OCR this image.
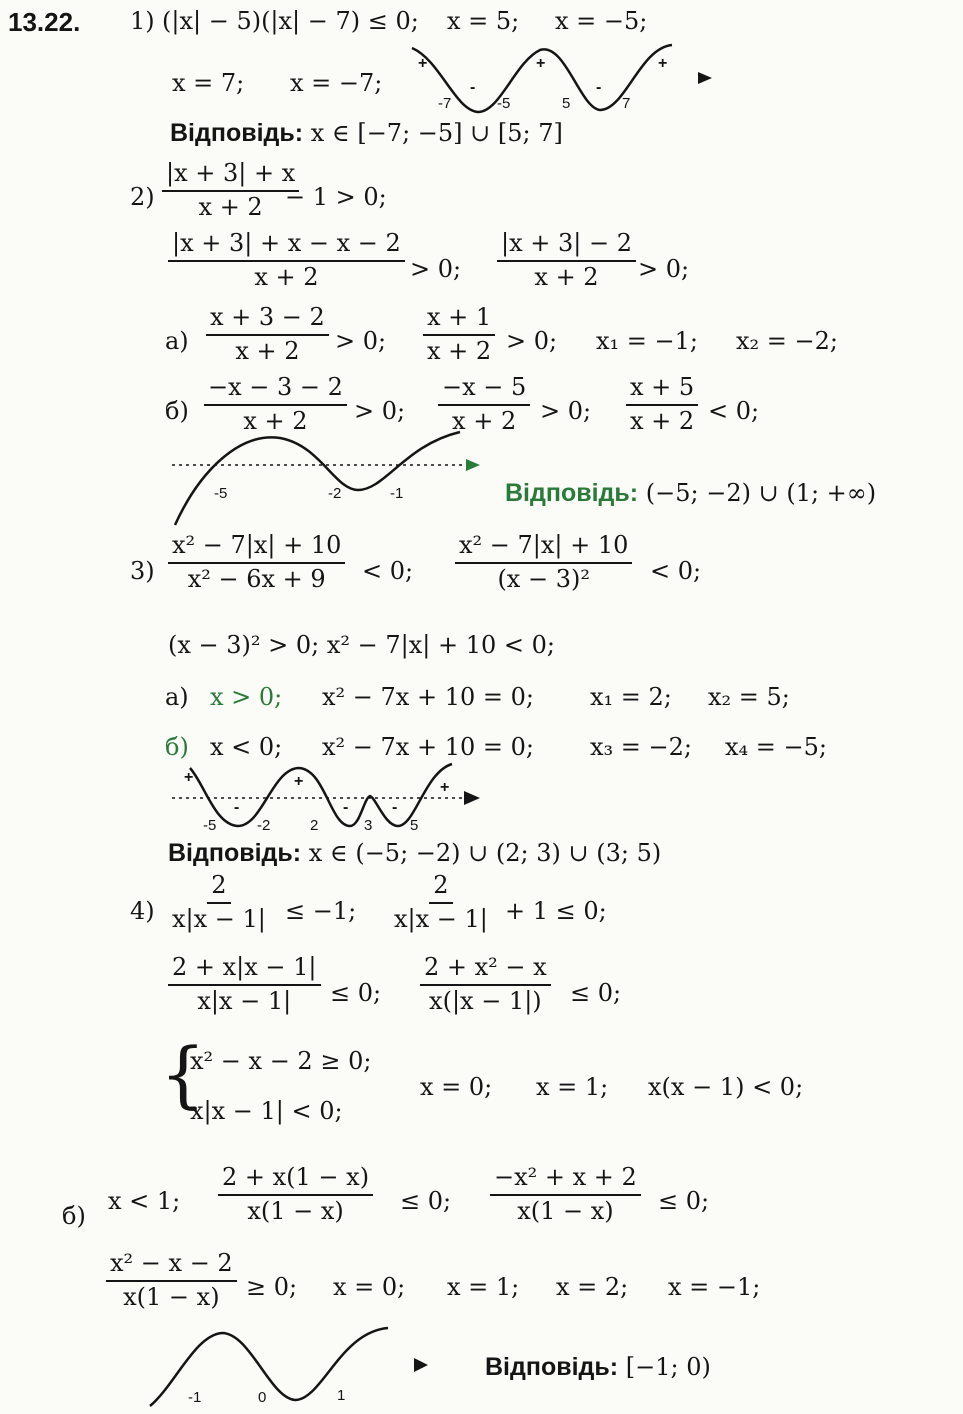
13.22. 1) (|x| − 5)(|x| − 7) ≤ 0; x = 5; x = −5;
x = 7; x = −7;
-7	-5	5	7
+
-
+
-
+
Відповідь: x ∈ [−7; −5] ∪ [5; 7]
$2) \frac{|x + 3| + x}{x + 2}$
− 1 > 0;
$\frac{|x + 3| + x - x - 2}{x + 2} > 0$; $\frac{|x + 3| - 2}{x + 2} > 0$;
$а) \frac{x + 3 - 2}{x + 2} > 0$; $\frac{x + 1}{x + 2} > 0$; x₁ = −1; x₂ = −2;
$б) \frac{-x - 3 - 2}{x + 2} > 0$; $\frac{-x - 5}{x + 2} > 0$; $\frac{x + 5}{x + 2} < 0$;
-5	-2	-1	Відповідь: (−5; −2) ∪ (1; +∞)
$3) \frac{\text{x² − 7|x| + 10}}{\text{x² − 6x + 9}} < 0$; $\frac{\text{x² − 7|x| + 10}}{\text{(x − 3)²}} < 0$;
(x − 3)² > 0; x² − 7|x| + 10 < 0;
а) x > 0; x² − 7x + 10 = 0; x₁ = 2; x₂ = 5;
б) x < 0; x² − 7x + 10 = 0; x₃ = −2; x₄ = −5;
-5	-2	2	3	5
+
-
+
-	-
+
Відповідь: x ∈ (−5; −2) ∪ (2; 3) ∪ (3; 5)
$4) \frac{2}{x|x - 1|} \le -1$; $\frac{2}{x|x - 1|} + 1 \le 0$;
$\frac{2 + x|x - 1|}{x|x - 1|} \le 0$; $\frac{\text{2 + x² − x}}{x(|x - 1|)} \le 0$;
{
x² − x − 2 ≥ 0;
x|x − 1| < 0;
x = 0; x = 1; x(x − 1) < 0;
б)
x < 1; $\frac{2 + x(1 - x)}{x(1 - x)} \le 0$; $\frac{\text{−x² + x + 2}}{x(1 - x)} \le 0$;
$\frac{\text{x² − x − 2}}{x(1 - x)} \ge 0$; x = 0; x = 1; x = 2; x = −1;
-1	0	1
Відповідь: [−1; 0)
